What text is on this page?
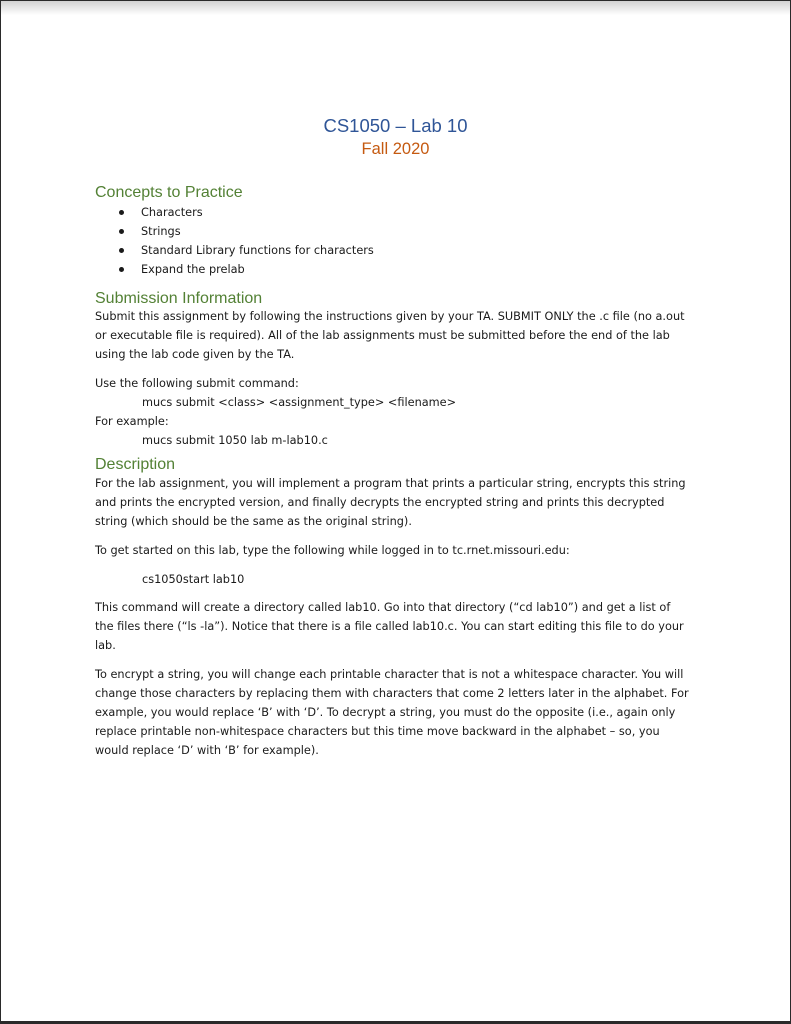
CS1050 – Lab 10
Fall 2020
Concepts to Practice
Characters
Strings
Standard Library functions for characters
Expand the prelab
Submission Information
Submit this assignment by following the instructions given by your TA. SUBMIT ONLY the .c file (no a.out
or executable file is required). All of the lab assignments must be submitted before the end of the lab
using the lab code given by the TA.
Use the following submit command:
mucs submit <class> <assignment_type> <filename>
For example:
mucs submit 1050 lab m-lab10.c
Description
For the lab assignment, you will implement a program that prints a particular string, encrypts this string
and prints the encrypted version, and finally decrypts the encrypted string and prints this decrypted
string (which should be the same as the original string).
To get started on this lab, type the following while logged in to tc.rnet.missouri.edu:
cs1050start lab10
This command will create a directory called lab10. Go into that directory (“cd lab10”) and get a list of
the files there (“ls -la”). Notice that there is a file called lab10.c. You can start editing this file to do your
lab.
To encrypt a string, you will change each printable character that is not a whitespace character. You will
change those characters by replacing them with characters that come 2 letters later in the alphabet. For
example, you would replace ‘B’ with ‘D’. To decrypt a string, you must do the opposite (i.e., again only
replace printable non-whitespace characters but this time move backward in the alphabet – so, you
would replace ‘D’ with ‘B’ for example).
